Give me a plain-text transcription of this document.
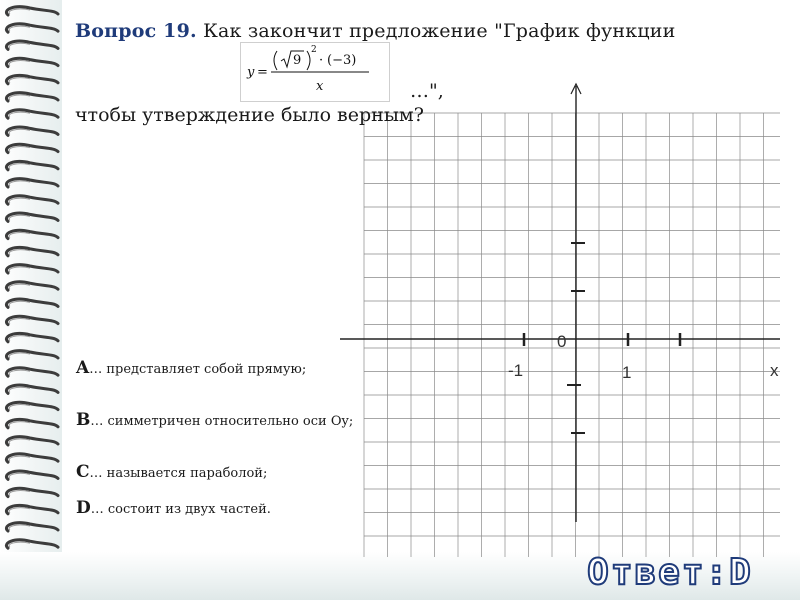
Вопрос 19. Как закончит предложение "График функции
y =
9
2
· (−3)
x	…",
0
-1	1	x
чтобы утверждение было верным?
A… представляет собой прямую;
B… симметричен относительно оси Oy;
C… называется параболой;
D… состоит из двух частей.
Ответ:D
